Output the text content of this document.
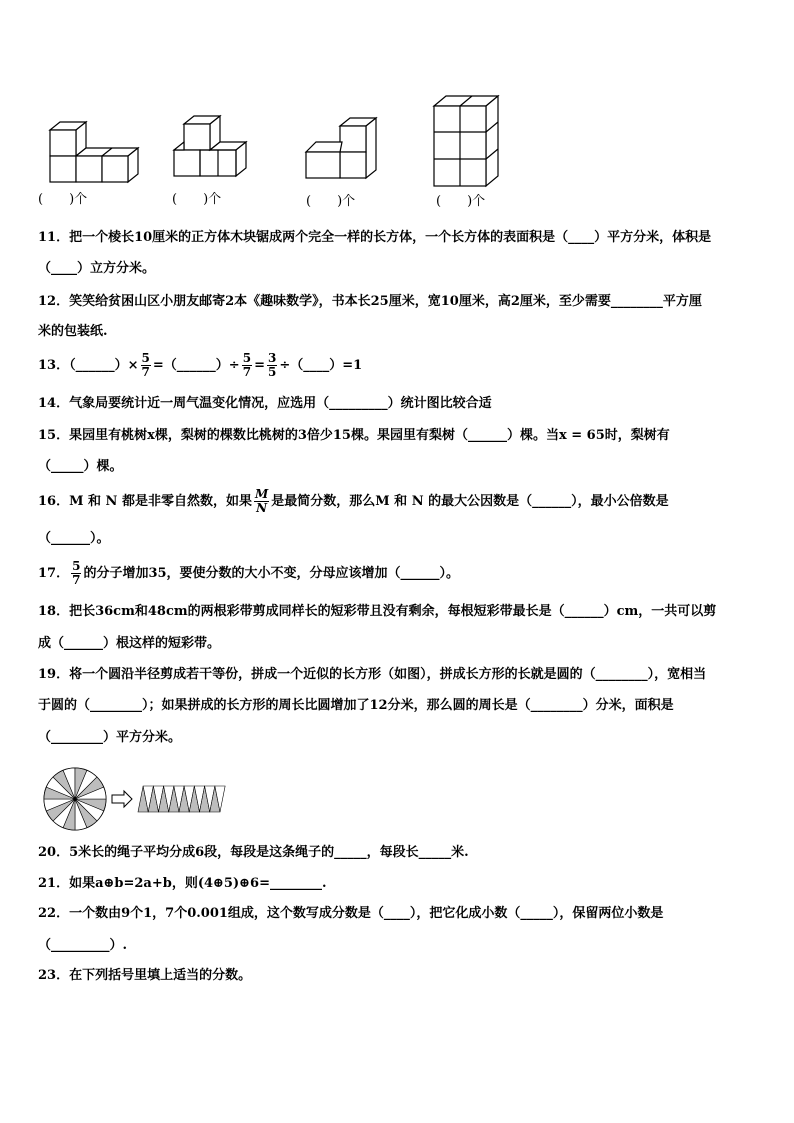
(　　)个	(　　)个	(　　)个	(　　)个
11．把一个棱长10厘米的正方体木块锯成两个完全一样的长方体，一个长方体的表面积是（____）平方分米，体积是
（____）立方分米。
12．笑笑给贫困山区小朋友邮寄2本《趣味数学》，书本长25厘米，宽10厘米，高2厘米，至少需要________平方厘
米的包装纸.
13．（______）× $\frac{5}{7}$ =（______）÷ $\frac{5}{7} = \frac{3}{5}$ ÷（____）=1
14．气象局要统计近一周气温变化情况，应选用（_________）统计图比较合适
15．果园里有桃树x棵，梨树的棵数比桃树的3倍少15棵。果园里有梨树（______）棵。当x = 65时，梨树有
（_____）棵。
16．M 和 N 都是非零自然数，如果 $\frac{M}{N}$ 是最简分数，那么M 和 N 的最大公因数是（______），最小公倍数是
（______）。
17． $\frac{5}{7}$ 的分子增加35，要使分数的大小不变，分母应该增加（______）。
18．把长36cm和48cm的两根彩带剪成同样长的短彩带且没有剩余，每根短彩带最长是（______）cm，一共可以剪
成（______）根这样的短彩带。
19．将一个圆沿半径剪成若干等份，拼成一个近似的长方形（如图），拼成长方形的长就是圆的（________），宽相当
于圆的（________）；如果拼成的长方形的周长比圆增加了12分米，那么圆的周长是（________）分米，面积是
（________）平方分米。
20．5米长的绳子平均分成6段，每段是这条绳子的_____，每段长_____米.
21．如果a⊕b=2a+b，则(4⊕5)⊕6=________.
22．一个数由9个1，7个0.001组成，这个数写成分数是（____），把它化成小数（_____），保留两位小数是
（_________）.
23．在下列括号里填上适当的分数。
